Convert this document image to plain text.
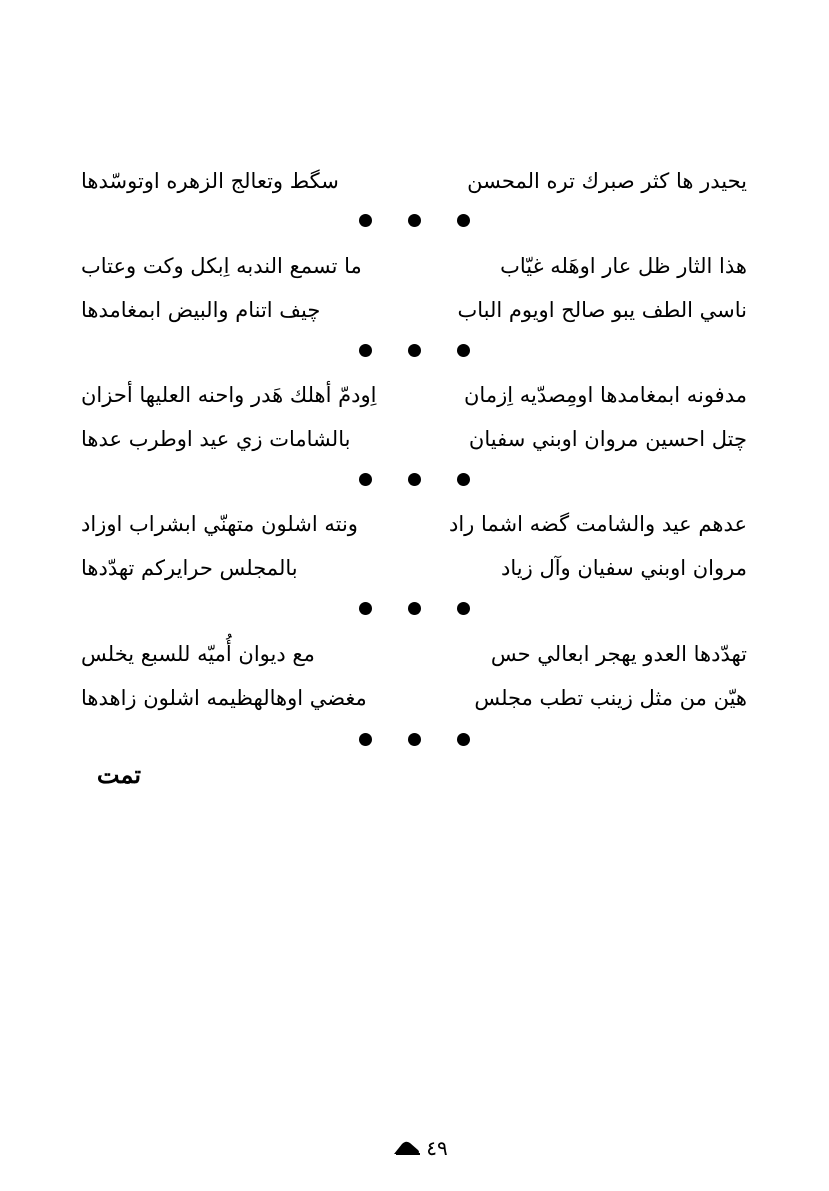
يحيدر ها كثر صبرك تره المحسن
سگط وتعالج الزهره اوتوسّدها
هذا الثار ظل عار اوهَله غيّاب
ما تسمع الندبه اِبكل وكت وعتاب
ناسي الطف يبو صالح اويوم الباب
چيف اتنام والبيض ابمغامدها
مدفونه ابمغامدها اومِصدّيه اِزمان
اِودمّ أهلك هَدر واحنه العليها أحزان
چتل احسين مروان اوبني سفيان
بالشامات زي عيد اوطرب عدها
عدهم عيد والشامت گضه اشما راد
ونته اشلون متهنّي ابشراب اوزاد
مروان اوبني سفيان وآل زياد
بالمجلس حرايركم تهدّدها
تهدّدها العدو يهجر ابعالي حس
مع ديوان أُميّه للسبع يخلس
هيّن من مثل زينب تطب مجلس
مغضي اوهالهظيمه اشلون زاهدها
تمت
٤٩
